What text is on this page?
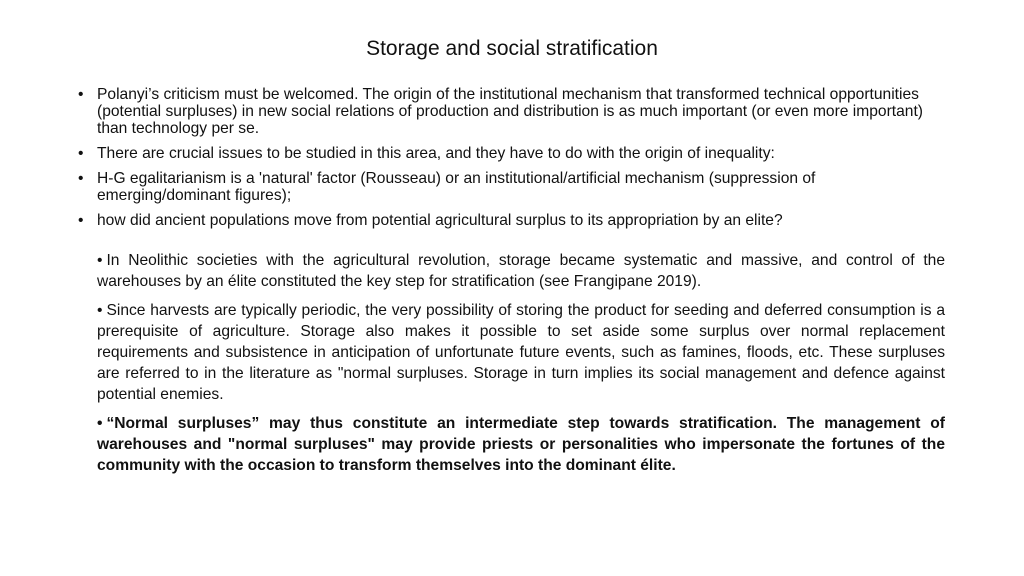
Storage and social stratification
• Polanyi’s criticism must be welcomed. The origin of the institutional mechanism that transformed technical opportunities (potential surpluses) in new social relations of production and distribution is as much important (or even more important) than technology per se.
• There are crucial issues to be studied in this area, and they have to do with the origin of inequality:
• H-G egalitarianism is a 'natural' factor (Rousseau) or an institutional/artificial mechanism (suppression of emerging/dominant figures);
• how did ancient populations move from potential agricultural surplus to its appropriation by an elite?
• In Neolithic societies with the agricultural revolution, storage became systematic and massive, and control of the warehouses by an élite constituted the key step for stratification (see Frangipane 2019).
• Since harvests are typically periodic, the very possibility of storing the product for seeding and deferred consumption is a prerequisite of agriculture. Storage also makes it possible to set aside some surplus over normal replacement requirements and subsistence in anticipation of unfortunate future events, such as famines, floods, etc. These surpluses are referred to in the literature as "normal surpluses. Storage in turn implies its social management and defence against potential enemies.
• “Normal surpluses” may thus constitute an intermediate step towards stratification. The management of warehouses and "normal surpluses" may provide priests or personalities who impersonate the fortunes of the community with the occasion to transform themselves into the dominant élite.
